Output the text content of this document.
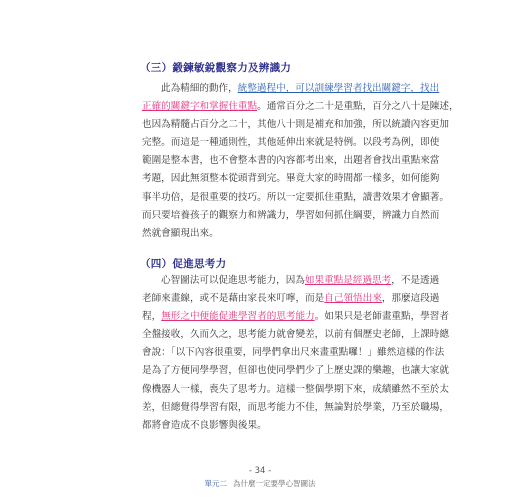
（三）鍛鍊敏銳觀察力及辨識力
此為精細的動作，統整過程中，可以訓練學習者找出關鍵字，找出
正確的關鍵字和掌握住重點。通常百分之二十是重點，百分之八十是陳述，
也因為精髓占百分之二十，其他八十則是補充和加強，所以統讀內容更加
完整。而這是一種通則性，其他延伸出來就是特例。以段考為例，即使
範圍是整本書，也不會整本書的內容都考出來，出題者會找出重點來當
考題，因此無須整本從頭背到完。畢竟大家的時間都一樣多，如何能夠
事半功倍，是很重要的技巧。所以一定要抓住重點，讀書效果才會顯著。
而只要培養孩子的觀察力和辨識力，學習如何抓住綱要，辨識力自然而
然就會顯現出來。
（四）促進思考力
心智圖法可以促進思考能力，因為如果重點是經過思考，不是透過
老師來畫線，或不是藉由家長來叮嚀，而是自己領悟出來，那麼這段過
程，無形之中便能促進學習者的思考能力。如果只是老師畫重點，學習者
全盤接收，久而久之，思考能力就會變差，以前有個歷史老師，上課時總
會說：「以下內容很重要，同學們拿出尺來畫重點囉！」雖然這樣的作法
是為了方便同學學習，但卻也使同學們少了上歷史課的樂趣，也讓大家就
像機器人一樣，喪失了思考力。這樣一整個學期下來，成績雖然不至於太
差，但總覺得學習有限，而思考能力不佳，無論對於學業，乃至於職場，
都將會造成不良影響與後果。
- 34 -
單元二 為什麼一定要學心智圖法
